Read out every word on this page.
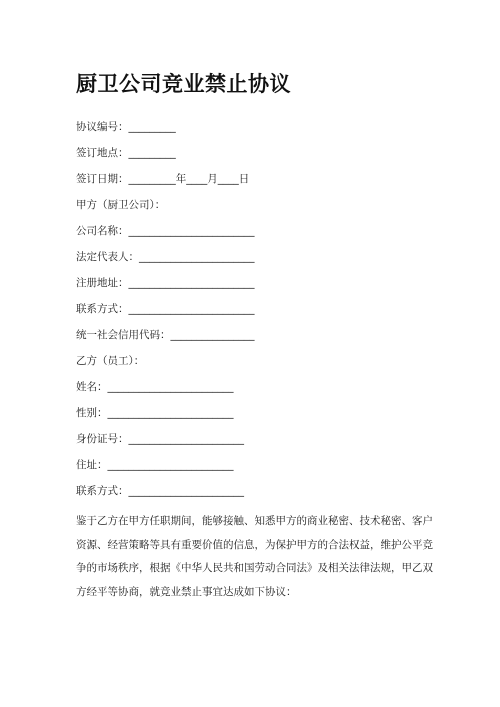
厨卫公司竞业禁止协议
协议编号：_________
签订地点：_________
签订日期：_________年____月____日
甲方（厨卫公司）：
公司名称：________________________
法定代表人：______________________
注册地址：________________________
联系方式：________________________
统一社会信用代码：________________
乙方（员工）：
姓名：________________________
性别：________________________
身份证号：______________________
住址：________________________
联系方式：______________________
鉴于乙方在甲方任职期间，能够接触、知悉甲方的商业秘密、技术秘密、客户
资源、经营策略等具有重要价值的信息，为保护甲方的合法权益，维护公平竞
争的市场秩序，根据《中华人民共和国劳动合同法》及相关法律法规，甲乙双
方经平等协商，就竞业禁止事宜达成如下协议：
